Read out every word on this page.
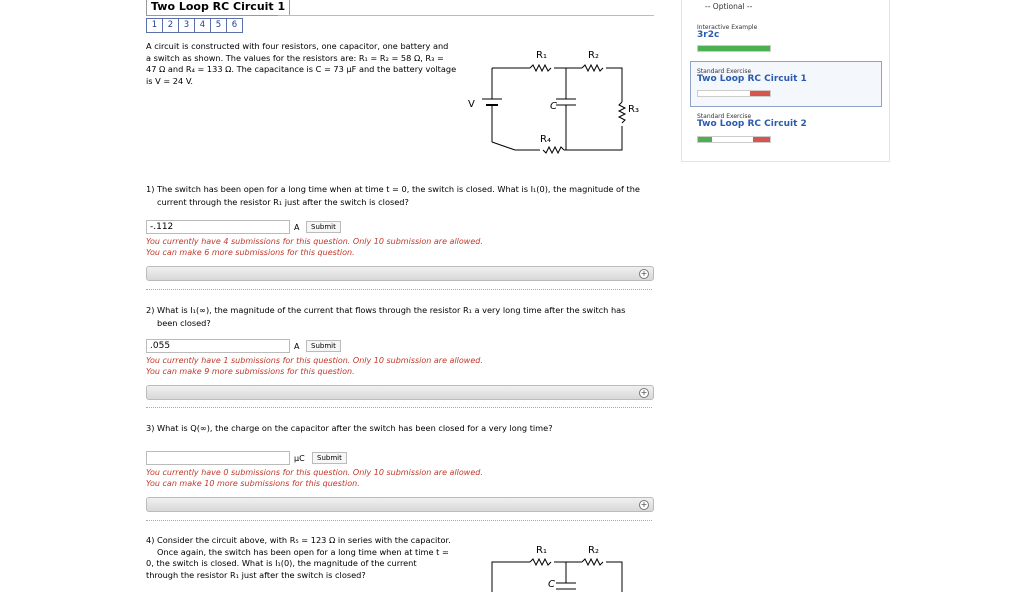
Two Loop RC Circuit 1
1	2	3	4	5	6
A circuit is constructed with four resistors, one capacitor, one battery and
a switch as shown. The values for the resistors are: R₁ = R₂ = 58 Ω, R₃ =
47 Ω and R₄ = 133 Ω. The capacitance is C = 73 μF and the battery voltage
is V = 24 V.
R₁	R₂
R₃
R₄
V	C
1) The switch has been open for a long time when at time t = 0, the switch is closed. What is I₁(0), the magnitude of the
current through the resistor R₁ just after the switch is closed?
-.112
A	Submit
You currently have 4 submissions for this question. Only 10 submission are allowed.
You can make 6 more submissions for this question.
+
2) What is I₁(∞), the magnitude of the current that flows through the resistor R₁ a very long time after the switch has
been closed?
.055
A	Submit
You currently have 1 submissions for this question. Only 10 submission are allowed.
You can make 9 more submissions for this question.
+
3) What is Q(∞), the charge on the capacitor after the switch has been closed for a very long time?
μC	Submit
You currently have 0 submissions for this question. Only 10 submission are allowed.
You can make 10 more submissions for this question.
+
4) Consider the circuit above, with R₅ = 123 Ω in series with the capacitor.
Once again, the switch has been open for a long time when at time t =
0, the switch is closed. What is I₁(0), the magnitude of the current
through the resistor R₁ just after the switch is closed?
R₁	R₂
C
-- Optional --
Interactive Example
3r2c
Standard Exercise
Two Loop RC Circuit 1
Standard Exercise
Two Loop RC Circuit 2
